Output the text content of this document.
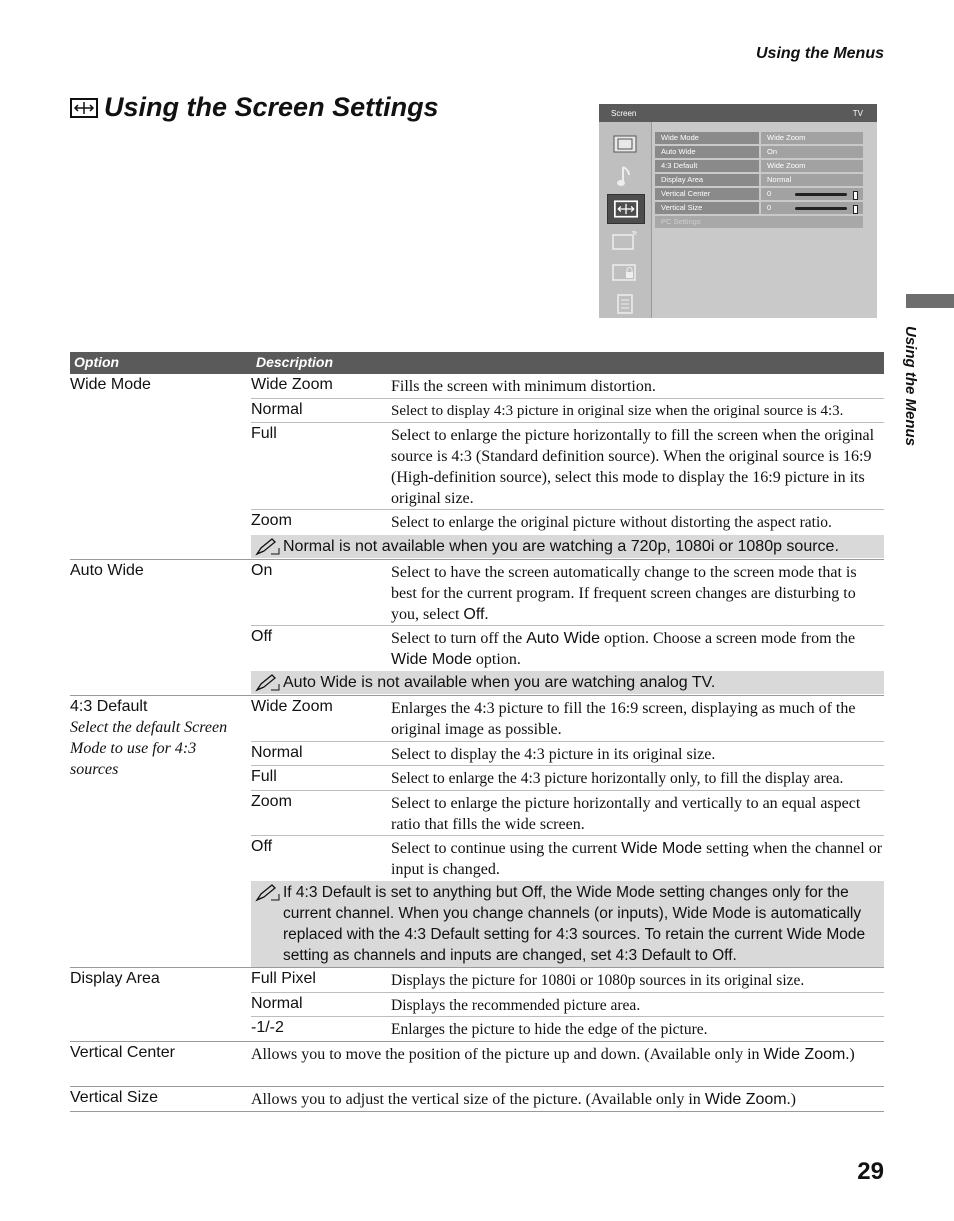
Using the Menus
Using the Screen Settings
Using the Menus
Screen	TV
Wide Mode	Wide Zoom
Auto Wide	On
4:3 Default	Wide Zoom
Display Area	Normal
Vertical Center	0
Vertical Size	0
PC Settings
Option	Description
Wide Mode	Wide Zoom	Fills the screen with minimum distortion.
Normal	Select to display 4:3 picture in original size when the original source is 4:3.
Full	Select to enlarge the picture horizontally to fill the screen when the original source is 4:3 (Standard definition source). When the original source is 16:9 (High-definition source), select this mode to display the 16:9 picture in its original size.
Zoom	Select to enlarge the original picture without distorting the aspect ratio.
Normal is not available when you are watching a 720p, 1080i or 1080p source.
Auto Wide	On	Select to have the screen automatically change to the screen mode that is best for the current program. If frequent screen changes are disturbing to you, select Off.
Off	Select to turn off the Auto Wide option. Choose a screen mode from the Wide Mode option.
Auto Wide is not available when you are watching analog TV.
4:3 Default
Select the default Screen Mode to use for 4:3 sources
Wide Zoom	Enlarges the 4:3 picture to fill the 16:9 screen, displaying as much of the original image as possible.
Normal	Select to display the 4:3 picture in its original size.
Full	Select to enlarge the 4:3 picture horizontally only, to fill the display area.
Zoom	Select to enlarge the picture horizontally and vertically to an equal aspect ratio that fills the wide screen.
Off	Select to continue using the current Wide Mode setting when the channel or input is changed.
If 4:3 Default is set to anything but Off, the Wide Mode setting changes only for the current channel. When you change channels (or inputs), Wide Mode is automatically replaced with the 4:3 Default setting for 4:3 sources. To retain the current Wide Mode setting as channels and inputs are changed, set 4:3 Default to Off.
Display Area	Full Pixel	Displays the picture for 1080i or 1080p sources in its original size.
Normal	Displays the recommended picture area.
-1/-2	Enlarges the picture to hide the edge of the picture.
Vertical Center	Allows you to move the position of the picture up and down. (Available only in Wide Zoom.)
Vertical Size	Allows you to adjust the vertical size of the picture. (Available only in Wide Zoom.)
29
